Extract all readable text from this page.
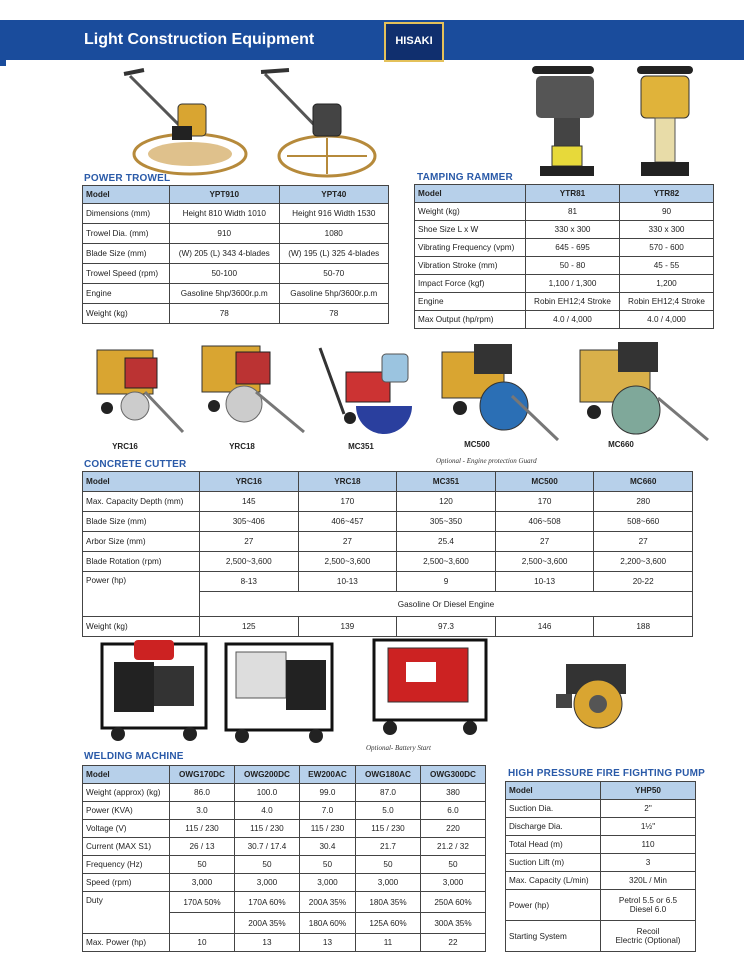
Light Construction Equipment	HISAKI
POWER TROWEL
Model	YPT910	YPT40
Dimensions (mm)	Height 810 Width 1010	Height 916 Width 1530
Trowel Dia. (mm)	910	1080
Blade Size (mm)	(W) 205 (L) 343 4-blades	(W) 195 (L) 325 4-blades
Trowel Speed (rpm)	50-100	50-70
Engine	Gasoline 5hp/3600r.p.m	Gasoline 5hp/3600r.p.m
Weight (kg)	78	78
TAMPING RAMMER
Model	YTR81	YTR82
Weight (kg)	81	90
Shoe Size L x W	330 x 300	330 x 300
Vibrating Frequency (vpm)	645 - 695	570 - 600
Vibration Stroke (mm)	50 - 80	45 - 55
Impact Force (kgf)	1,100 / 1,300	1,200
Engine	Robin EH12;4 Stroke	Robin EH12;4 Stroke
Max Output (hp/rpm)	4.0 / 4,000	4.0 / 4,000
YRC16	YRC18	MC351	MC500	MC660
Optional - Engine protection Guard
CONCRETE CUTTER
Model	YRC16	YRC18	MC351	MC500	MC660
Max. Capacity Depth (mm)	145	170	120	170	280
Blade Size (mm)	305~406	406~457	305~350	406~508	508~660
Arbor Size (mm)	27	27	25.4	27	27
Blade Rotation (rpm)	2,500~3,600	2,500~3,600	2,500~3,600	2,500~3,600	2,200~3,600
Power (hp)	8-13	10-13	9	10-13	20-22
	Gasoline Or Diesel Engine				
Weight (kg)	125	139	97.3	146	188
Optional- Battery Start
WELDING MACHINE
Model	OWG170DC	OWG200DC	EW200AC	OWG180AC	OWG300DC
Weight (approx) (kg)	86.0	100.0	99.0	87.0	380
Power (KVA)	3.0	4.0	7.0	5.0	6.0
Voltage (V)	115 / 230	115 / 230	115 / 230	115 / 230	220
Current (MAX S1)	26 / 13	30.7 / 17.4	30.4	21.7	21.2 / 32
Frequency (Hz)	50	50	50	50	50
Speed (rpm)	3,000	3,000	3,000	3,000	3,000
Duty	170A 50%	170A 60%	200A 35%	180A 35%	250A 60%
		200A 35%	180A 60%	125A 60%	300A 35%
Max. Power (hp)	10	13	13	11	22
HIGH PRESSURE FIRE FIGHTING PUMP
Model	YHP50
Suction Dia.	2"
Discharge Dia.	1½"
Total Head (m)	110
Suction Lift (m)	3
Max. Capacity (L/min)	320L / Min
Power (hp)	Petrol 5.5 or 6.5
Diesel 6.0

Starting System	Recoil
Electric (Optional)
